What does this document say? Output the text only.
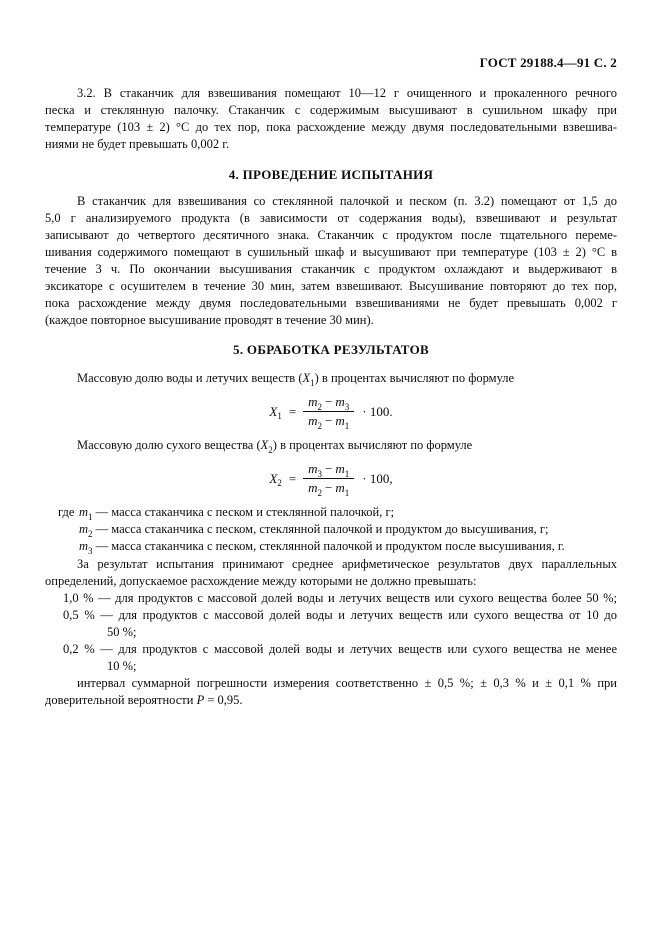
ГОСТ 29188.4—91 С. 2
3.2. В стаканчик для взвешивания помещают 10—12 г очищенного и прокаленного речного
песка и стеклянную палочку. Стаканчик с содержимым высушивают в сушильном шкафу при
температуре (103 ± 2) °С до тех пор, пока расхождение между двумя последовательными взвешива-
ниями не будет превышать 0,002 г.
4. ПРОВЕДЕНИЕ ИСПЫТАНИЯ
В стаканчик для взвешивания со стеклянной палочкой и песком (п. 3.2) помещают от 1,5 до
5,0 г анализируемого продукта (в зависимости от содержания воды), взвешивают и результат
записывают до четвертого десятичного знака. Стаканчик с продуктом после тщательного переме-
шивания содержимого помещают в сушильный шкаф и высушивают при температуре (103 ± 2) °С в
течение 3 ч. По окончании высушивания стаканчик с продуктом охлаждают и выдерживают в
эксикаторе с осушителем в течение 30 мин, затем взвешивают. Высушивание повторяют до тех пор,
пока расхождение между двумя последовательными взвешиваниями не будет превышать 0,002 г
(каждое повторное высушивание проводят в течение 30 мин).
5. ОБРАБОТКА РЕЗУЛЬТАТОВ
Массовую долю воды и летучих веществ $(X_1)$ в процентах вычисляют по формуле
$X_1 = \frac{m_2 - m_3}{m_2 - m_1} \cdot 100$.
Массовую долю сухого вещества $(X_2)$ в процентах вычисляют по формуле
$X_2 = \frac{m_3 - m_1}{m_2 - m_1} \cdot 100$,
где $m_1$ — масса стаканчика с песком и стеклянной палочкой, г;
$m_2$ — масса стаканчика с песком, стеклянной палочкой и продуктом до высушивания, г;
$m_3$ — масса стаканчика с песком, стеклянной палочкой и продуктом после высушивания, г.
За результат испытания принимают среднее арифметическое результатов двух параллельных
определений, допускаемое расхождение между которыми не должно превышать:
1,0 % — для продуктов с массовой долей воды и летучих веществ или сухого вещества более 50 %;
0,5 % — для продуктов с массовой долей воды и летучих веществ или сухого вещества от 10 до
50 %;
0,2 % — для продуктов с массовой долей воды и летучих веществ или сухого вещества не менее
10 %;
интервал суммарной погрешности измерения соответственно ± 0,5 %; ± 0,3 % и ± 0,1 % при
доверительной вероятности P = 0,95.
